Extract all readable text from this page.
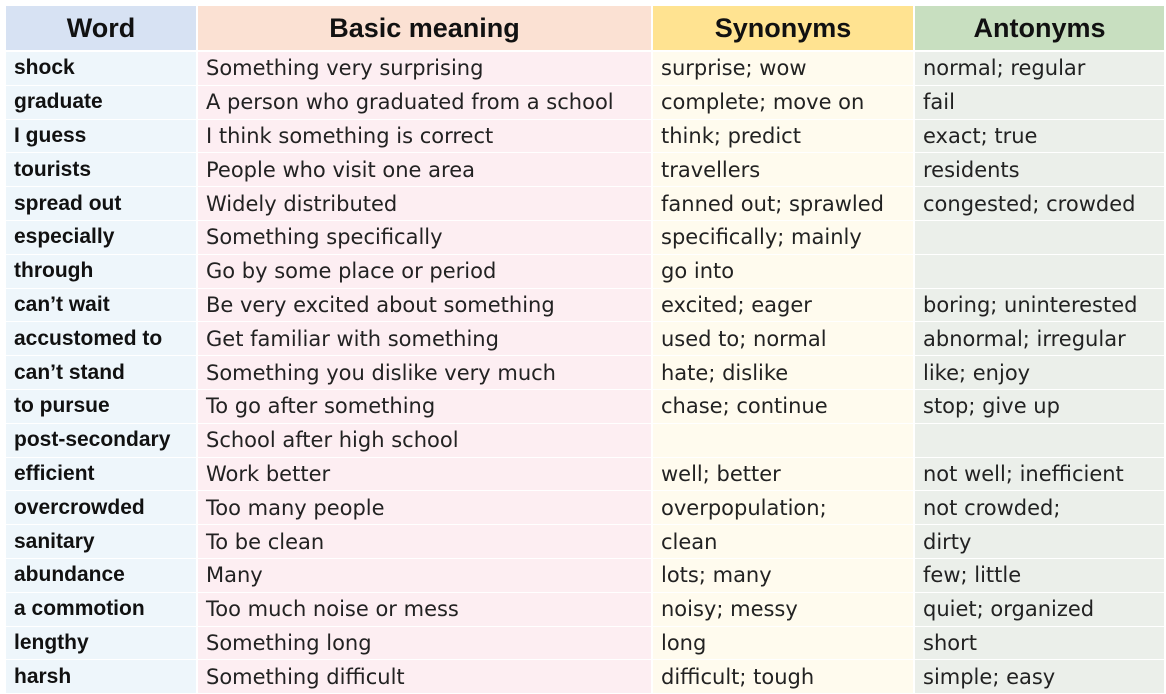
Word	Basic meaning	Synonyms	Antonyms
shock	Something very surprising	surprise; wow	normal; regular
graduate	A person who graduated from a school	complete; move on	fail
I guess	I think something is correct	think; predict	exact; true
tourists	People who visit one area	travellers	residents
spread out	Widely distributed	fanned out; sprawled	congested; crowded
especially	Something specifically	specifically; mainly	
through	Go by some place or period	go into	
can’t wait	Be very excited about something	excited; eager	boring; uninterested
accustomed to	Get familiar with something	used to; normal	abnormal; irregular
can’t stand	Something you dislike very much	hate; dislike	like; enjoy
to pursue	To go after something	chase; continue	stop; give up
post-secondary	School after high school		
efficient	Work better	well; better	not well; inefficient
overcrowded	Too many people	overpopulation;	not crowded;
sanitary	To be clean	clean	dirty
abundance	Many	lots; many	few; little
a commotion	Too much noise or mess	noisy; messy	quiet; organized
lengthy	Something long	long	short
harsh	Something difficult	difficult; tough	simple; easy
